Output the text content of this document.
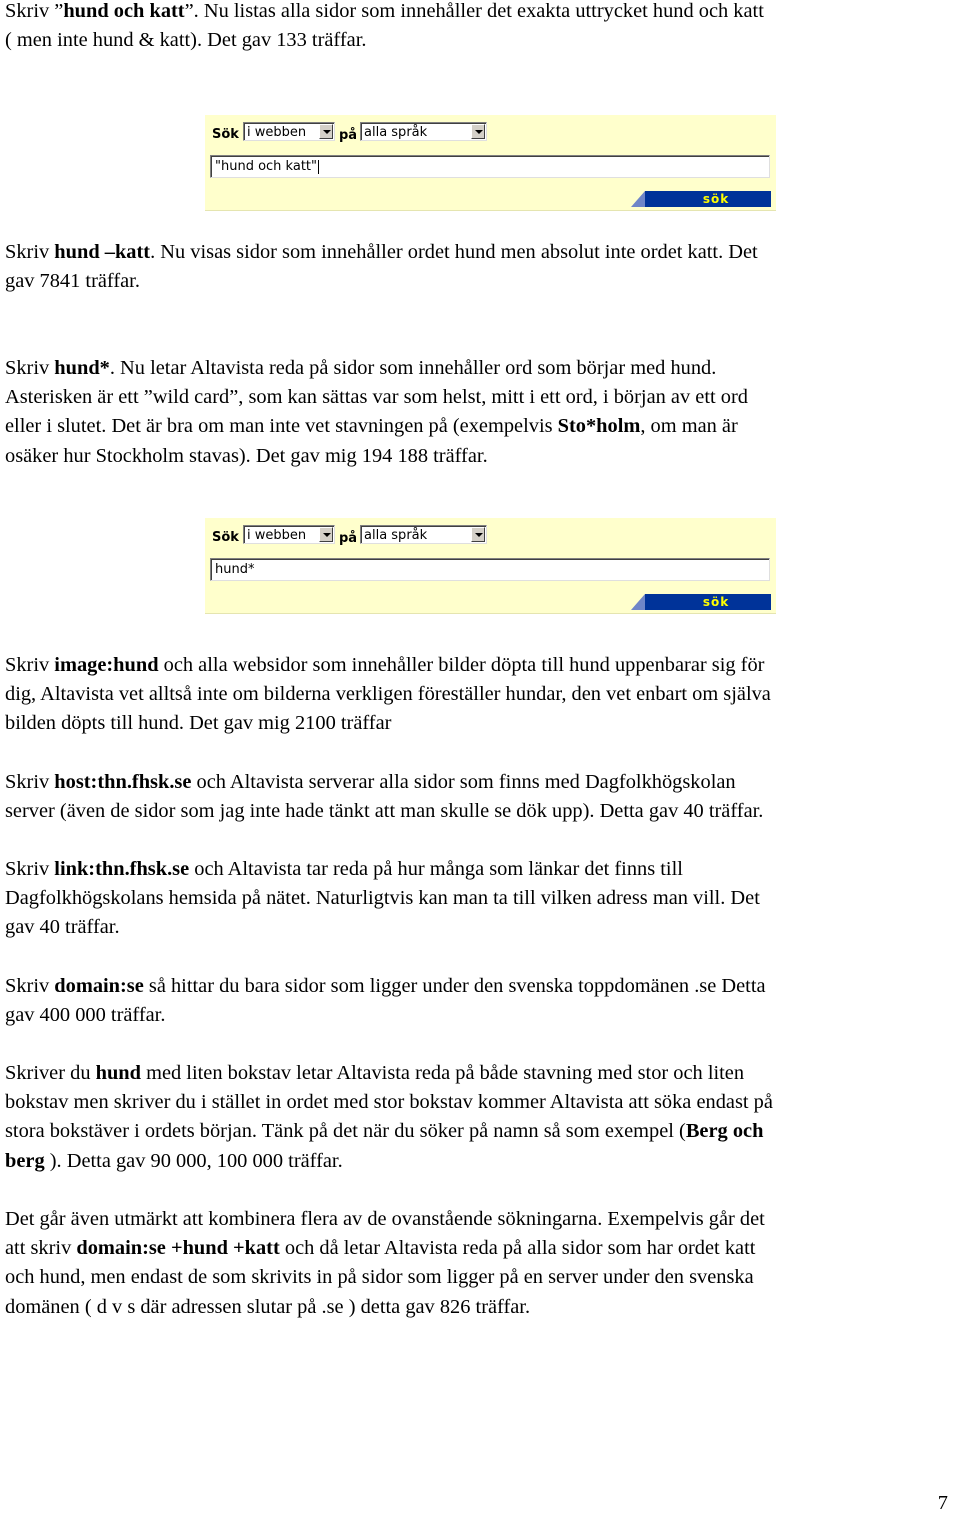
Skriv ”hund och katt”. Nu listas alla sidor som innehåller det exakta uttrycket hund och katt
( men inte hund & katt). Det gav 133 träffar.

Sök i webben	på alla språk
"hund och katt"
sök

Skriv hund –katt. Nu visas sidor som innehåller ordet hund men absolut inte ordet katt. Det
gav 7841 träffar.

Skriv hund*. Nu letar Altavista reda på sidor som innehåller ord som börjar med hund.
Asterisken är ett ”wild card”, som kan sättas var som helst, mitt i ett ord, i början av ett ord
eller i slutet. Det är bra om man inte vet stavningen på (exempelvis Sto*holm, om man är
osäker hur Stockholm stavas). Det gav mig 194 188 träffar.

Sök i webben	på alla språk
hund*
sök

Skriv image:hund och alla websidor som innehåller bilder döpta till hund uppenbarar sig för
dig, Altavista vet alltså inte om bilderna verkligen föreställer hundar, den vet enbart om själva
bilden döpts till hund. Det gav mig 2100 träffar

Skriv host:thn.fhsk.se och Altavista serverar alla sidor som finns med Dagfolkhögskolan
server (även de sidor som jag inte hade tänkt att man skulle se dök upp). Detta gav 40 träffar.

Skriv link:thn.fhsk.se och Altavista tar reda på hur många som länkar det finns till
Dagfolkhögskolans hemsida på nätet. Naturligtvis kan man ta till vilken adress man vill. Det
gav 40 träffar.

Skriv domain:se så hittar du bara sidor som ligger under den svenska toppdomänen .se Detta
gav 400 000 träffar.

Skriver du hund med liten bokstav letar Altavista reda på både stavning med stor och liten
bokstav men skriver du i stället in ordet med stor bokstav kommer Altavista att söka endast på
stora bokstäver i ordets början. Tänk på det när du söker på namn så som exempel (Berg och
berg ). Detta gav 90 000, 100 000 träffar.

Det går även utmärkt att kombinera flera av de ovanstående sökningarna. Exempelvis går det
att skriv domain:se +hund +katt och då letar Altavista reda på alla sidor som har ordet katt
och hund, men endast de som skrivits in på sidor som ligger på en server under den svenska
domänen ( d v s där adressen slutar på .se ) detta gav 826 träffar.

7
